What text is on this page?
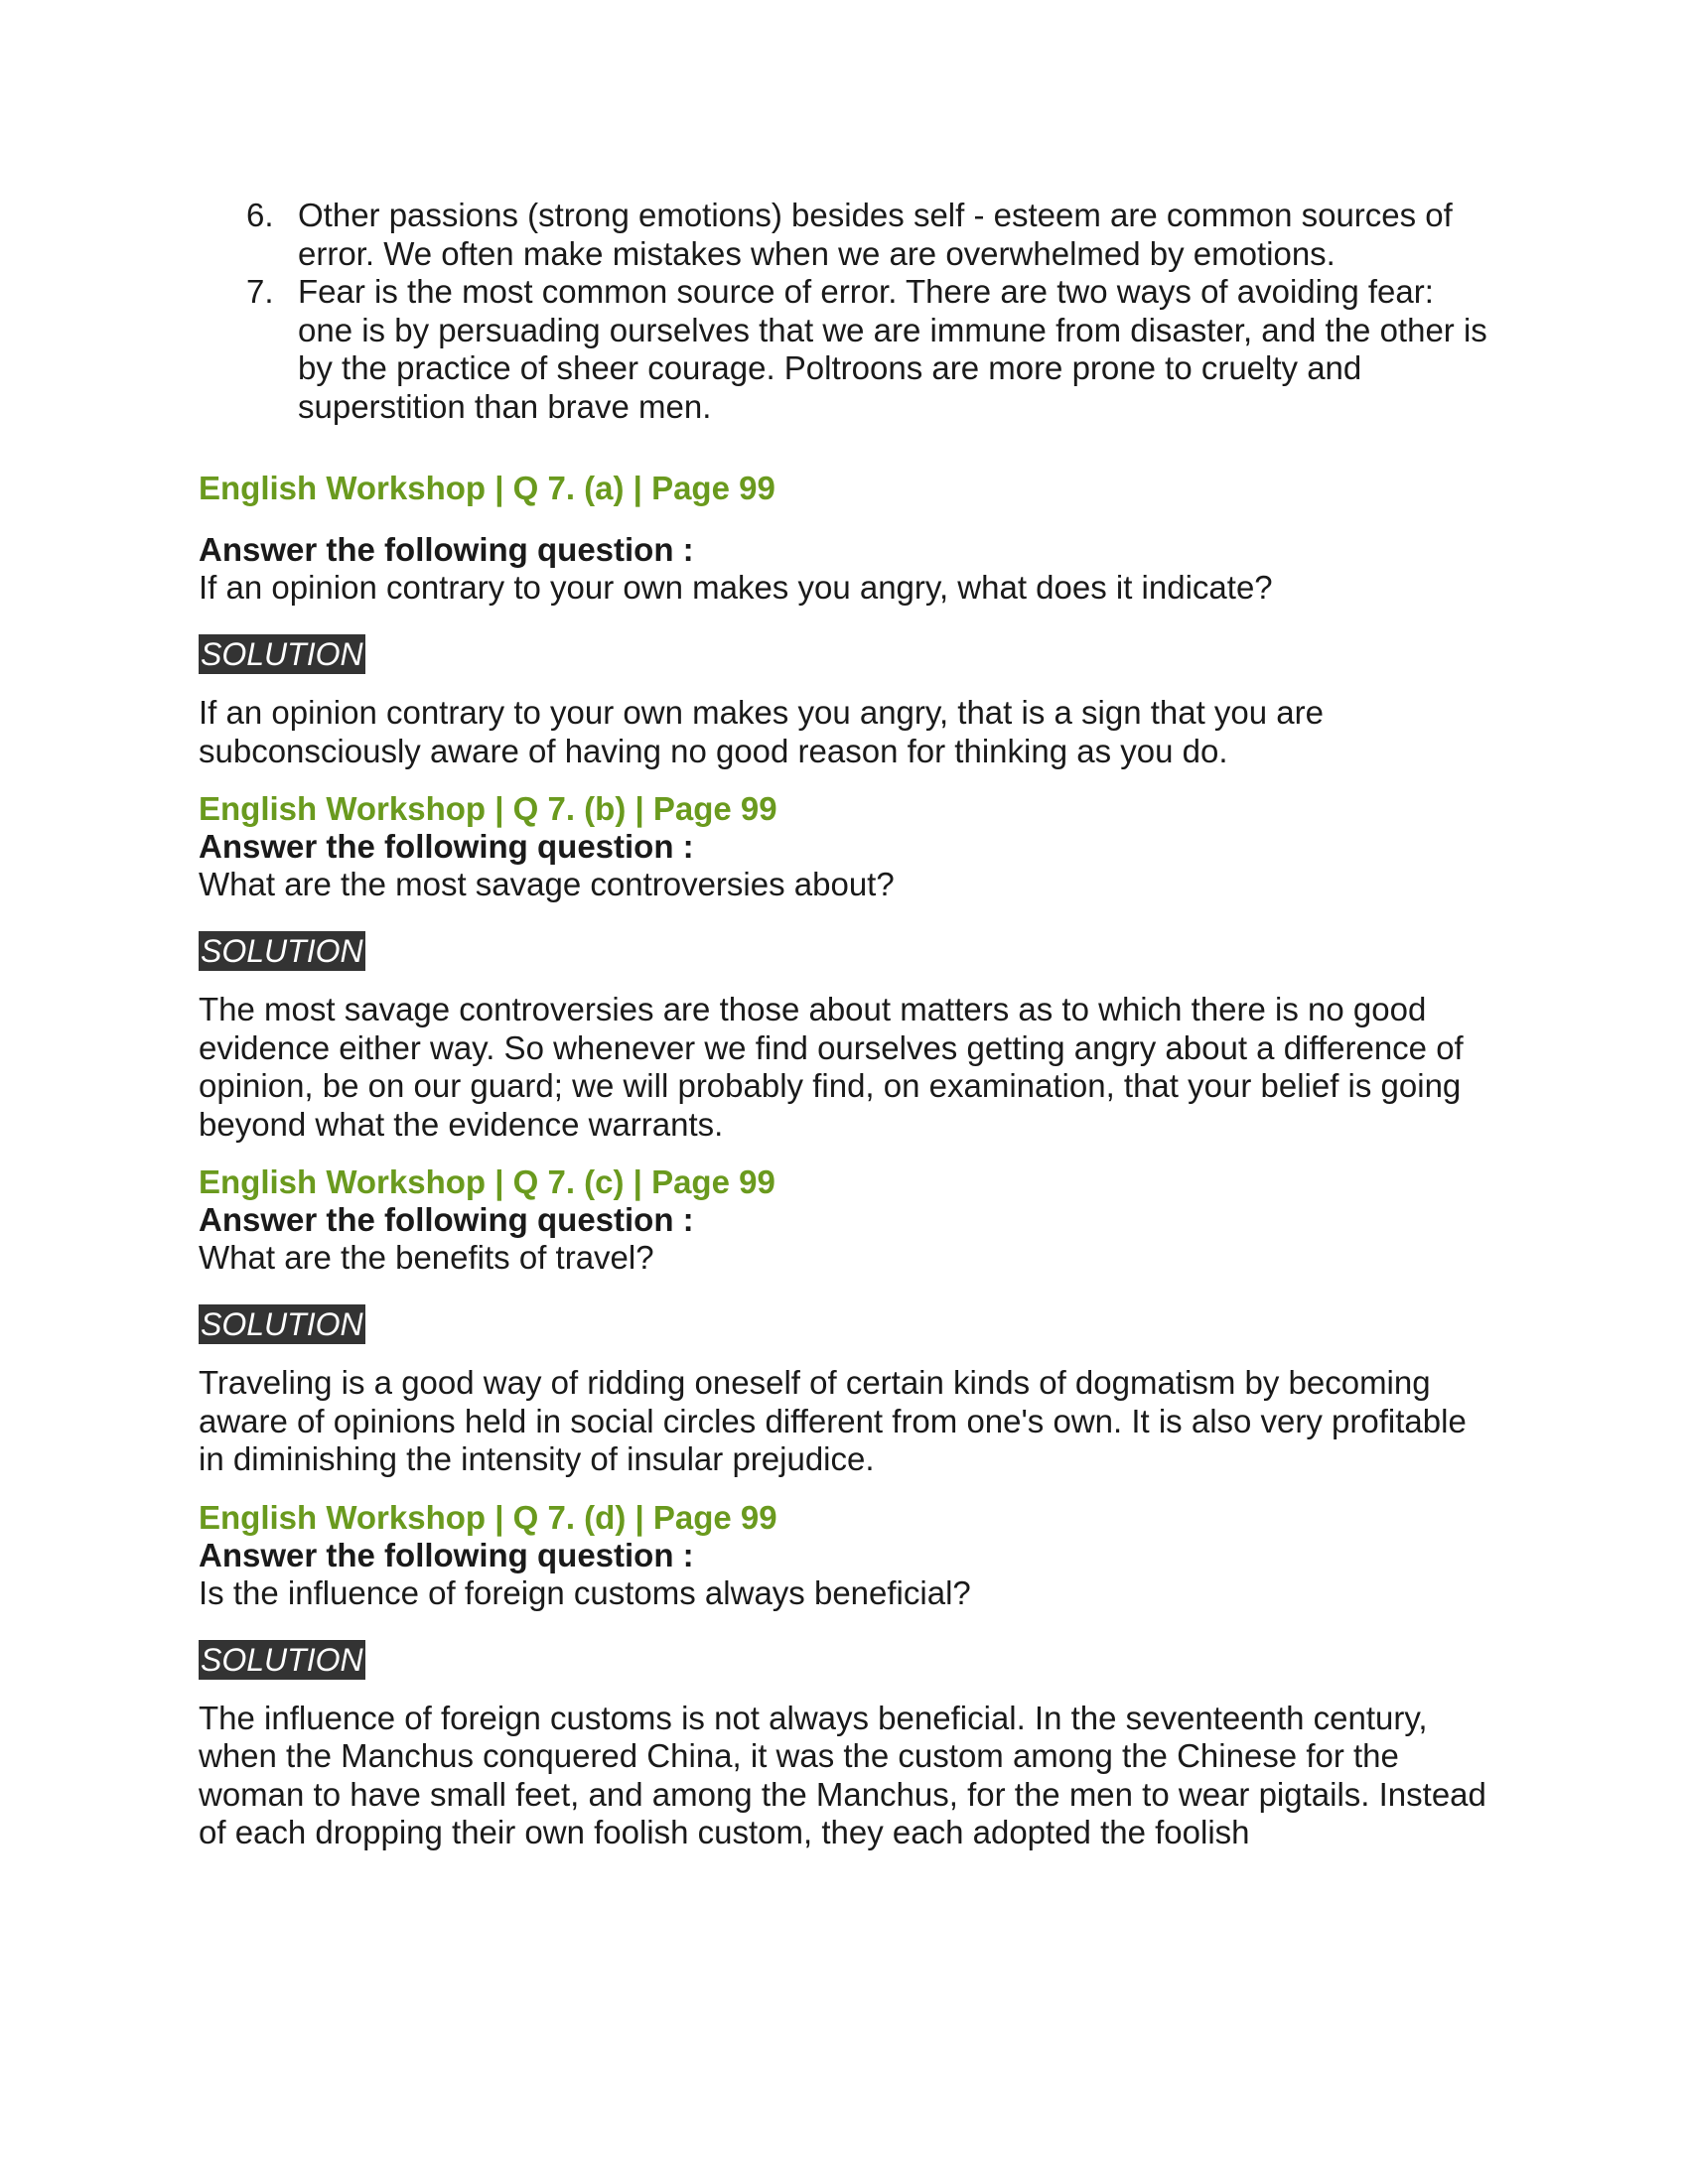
6. Other passions (strong emotions) besides self - esteem are common sources of error. We often make mistakes when we are overwhelmed by emotions.
7. Fear is the most common source of error. There are two ways of avoiding fear: one is by persuading ourselves that we are immune from disaster, and the other is by the practice of sheer courage. Poltroons are more prone to cruelty and superstition than brave men.
English Workshop | Q 7. (a) | Page 99
Answer the following question :
If an opinion contrary to your own makes you angry, what does it indicate?
SOLUTION
If an opinion contrary to your own makes you angry, that is a sign that you are subconsciously aware of having no good reason for thinking as you do.
English Workshop | Q 7. (b) | Page 99
Answer the following question :
What are the most savage controversies about?
SOLUTION
The most savage controversies are those about matters as to which there is no good evidence either way. So whenever we find ourselves getting angry about a difference of opinion, be on our guard; we will probably find, on examination, that your belief is going beyond what the evidence warrants.
English Workshop | Q 7. (c) | Page 99
Answer the following question :
What are the benefits of travel?
SOLUTION
Traveling is a good way of ridding oneself of certain kinds of dogmatism by becoming aware of opinions held in social circles different from one's own. It is also very profitable in diminishing the intensity of insular prejudice.
English Workshop | Q 7. (d) | Page 99
Answer the following question :
Is the influence of foreign customs always beneficial?
SOLUTION
The influence of foreign customs is not always beneficial. In the seventeenth century, when the Manchus conquered China, it was the custom among the Chinese for the woman to have small feet, and among the Manchus, for the men to wear pigtails. Instead of each dropping their own foolish custom, they each adopted the foolish
